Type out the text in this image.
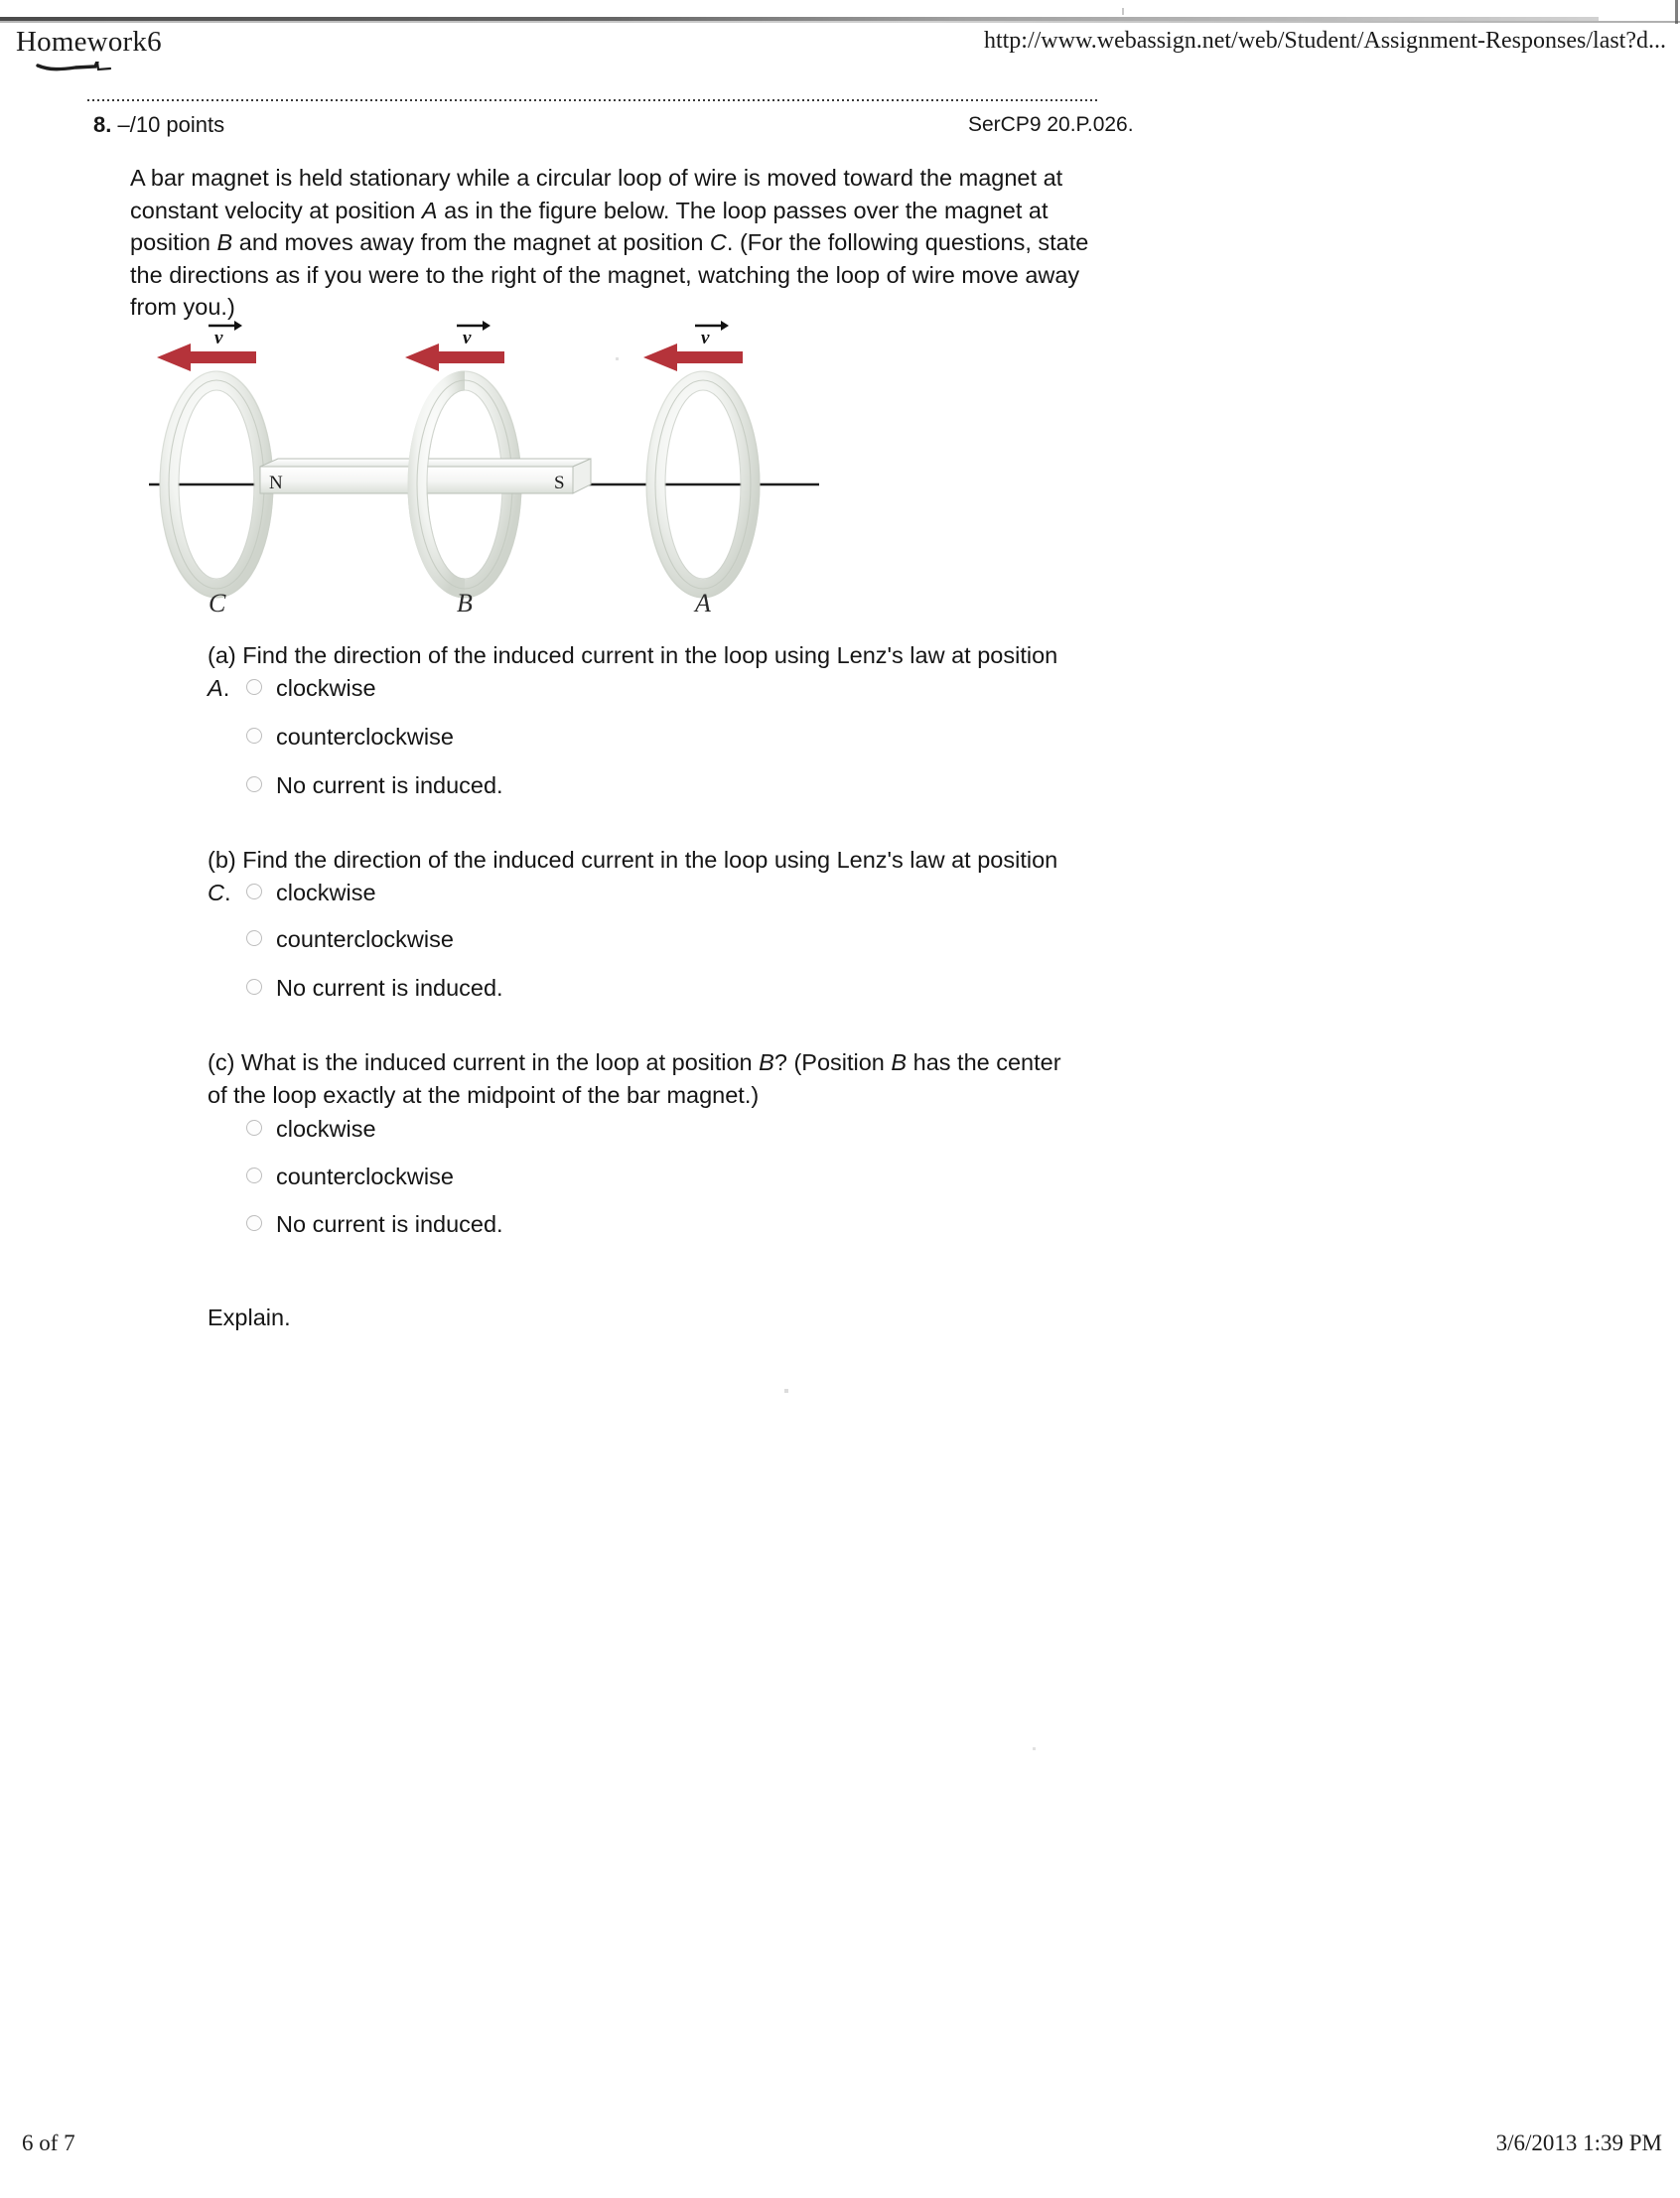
Homework6	http://www.webassign.net/web/Student/Assignment-Responses/last?d...
8. –/10 points	SerCP9 20.P.026.
A bar magnet is held stationary while a circular loop of wire is moved toward the magnet at constant velocity at position A as in the figure below. The loop passes over the magnet at position B and moves away from the magnet at position C. (For the following questions, state the directions as if you were to the right of the magnet, watching the loop of wire move away from you.)
N	S
v	v	v
C	B	A
(a) Find the direction of the induced current in the loop using Lenz's law at position A.	clockwise
counterclockwise
No current is induced.
(b) Find the direction of the induced current in the loop using Lenz's law at position C.	clockwise
counterclockwise
No current is induced.
(c) What is the induced current in the loop at position B? (Position B has the center of the loop exactly at the midpoint of the bar magnet.)
clockwise
counterclockwise
No current is induced.
Explain.
6 of 7	3/6/2013 1:39 PM
